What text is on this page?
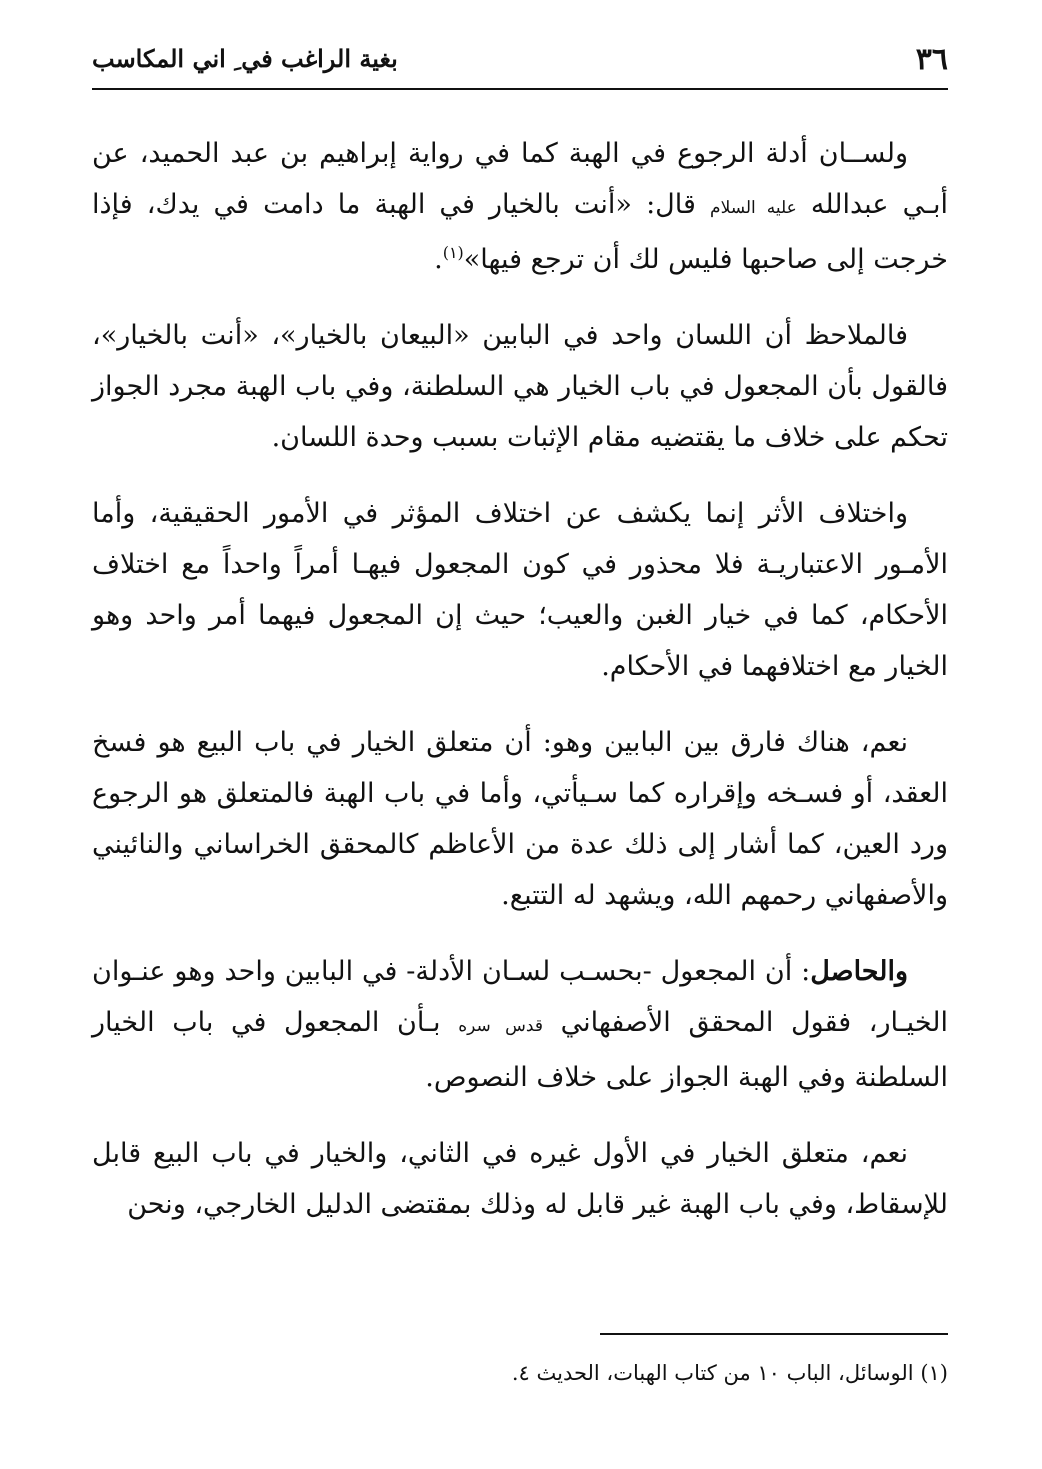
٣٦
بغية الراغب في ِ اني المكاسب

ولســان أدلة الرجوع في الهبة كما في رواية إبراهيم بن عبد الحميد، عن أبـي عبدالله عليه السلام قال: «أنت بالخيار في الهبة ما دامت في يدك، فإذا خرجت إلى صاحبها فليس لك أن ترجع فيها»$^{(١)}$.

فالملاحظ أن اللسان واحد في البابين «البيعان بالخيار»، «أنت بالخيار»، فالقول بأن المجعول في باب الخيار هي السلطنة، وفي باب الهبة مجرد الجواز تحكم على خلاف ما يقتضيه مقام الإثبات بسبب وحدة اللسان.

واختلاف الأثر إنما يكشف عن اختلاف المؤثر في الأمور الحقيقية، وأما الأمـور الاعتباريـة فلا محذور في كون المجعول فيهـا أمراً واحداً مع اختلاف الأحكام، كما في خيار الغبن والعيب؛ حيث إن المجعول فيهما أمر واحد وهو الخيار مع اختلافهما في الأحكام.

نعم، هناك فارق بين البابين وهو: أن متعلق الخيار في باب البيع هو فسخ العقد، أو فسـخه وإقراره كما سـيأتي، وأما في باب الهبة فالمتعلق هو الرجوع ورد العين، كما أشار إلى ذلك عدة من الأعاظم كالمحقق الخراساني والنائيني والأصفهاني رحمهم الله، ويشهد له التتبع.

والحاصل: أن المجعول -بحسـب لسـان الأدلة- في البابين واحد وهو عنـوان الخيـار، فقول المحقق الأصفهاني قدس سره بـأن المجعول في باب الخيار السلطنة وفي الهبة الجواز على خلاف النصوص.

نعم، متعلق الخيار في الأول غيره في الثاني، والخيار في باب البيع قابل للإسقاط، وفي باب الهبة غير قابل له وذلك بمقتضى الدليل الخارجي، ونحن

(١) الوسائل، الباب ١٠ من كتاب الهبات، الحديث ٤.
